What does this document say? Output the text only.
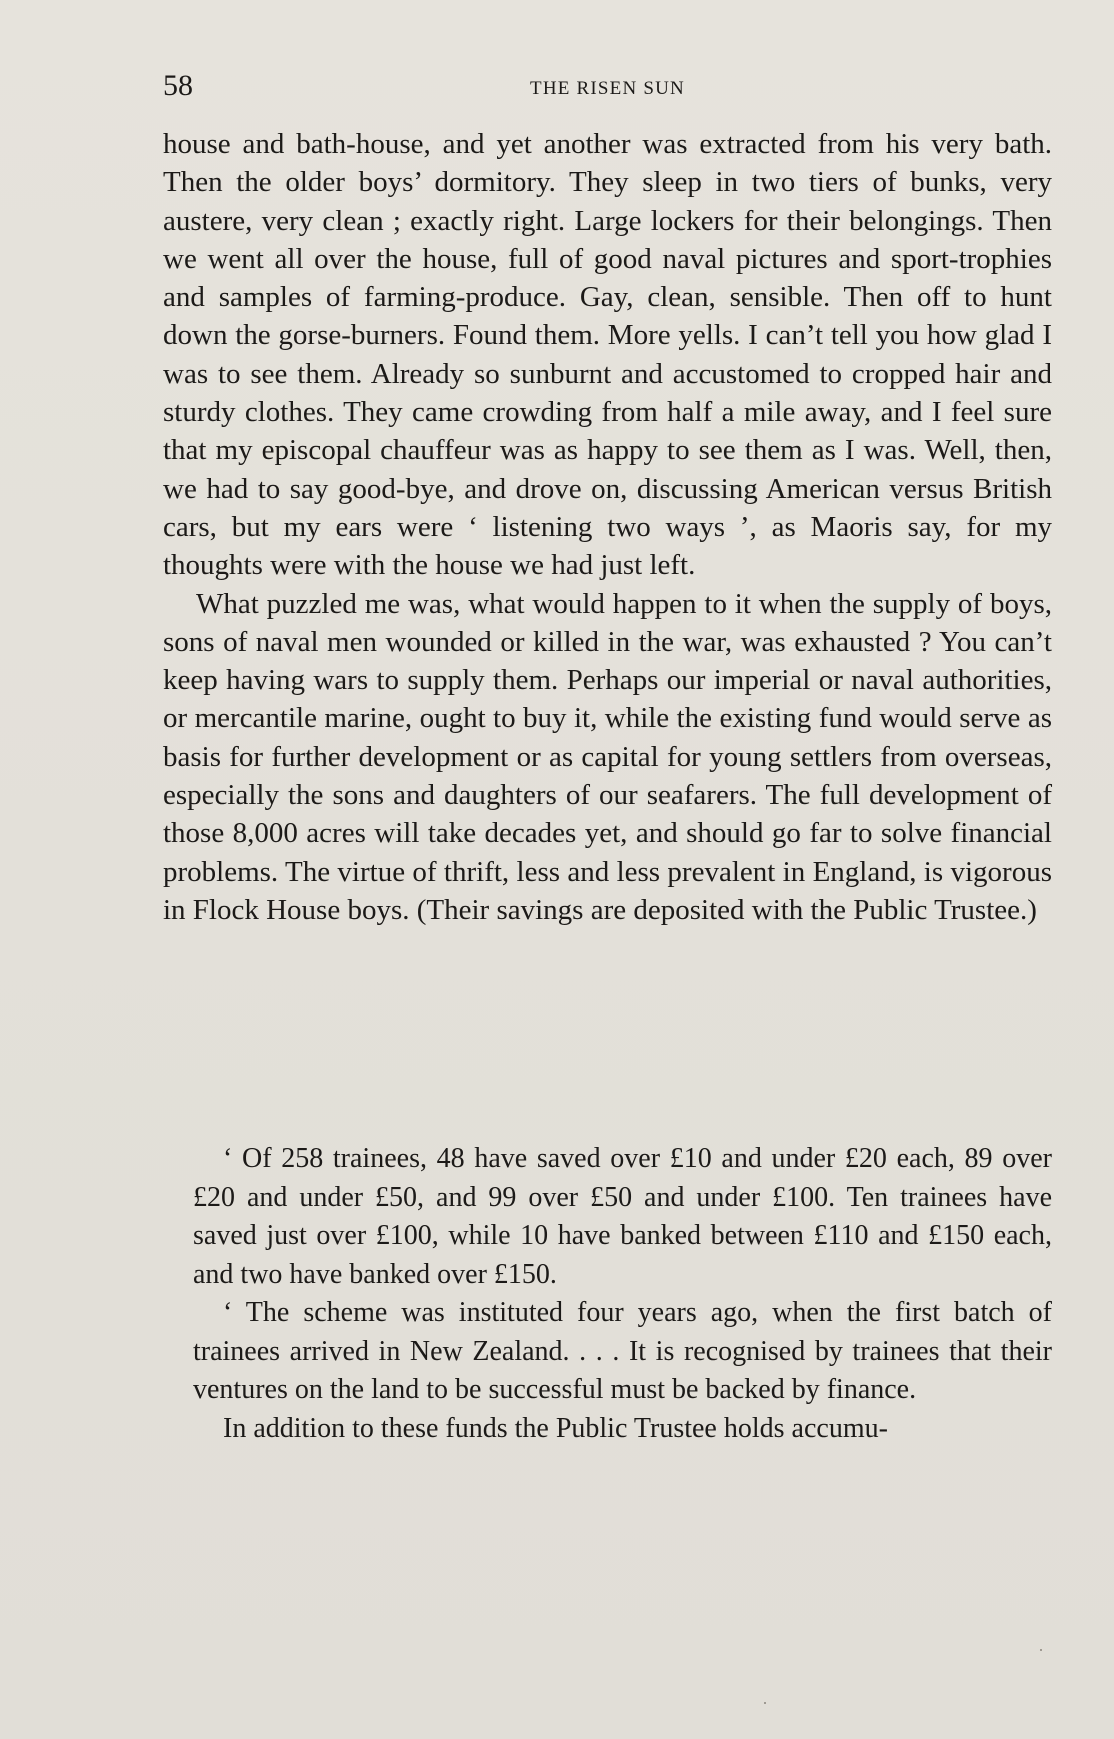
58	THE RISEN SUN

house and bath-house, and yet another was extracted from his very bath. Then the older boys’ dormitory. They sleep in two tiers of bunks, very austere, very clean ; exactly right. Large lockers for their belongings. Then we went all over the house, full of good naval pictures and sport-trophies and samples of farming-produce. Gay, clean, sensible. Then off to hunt down the gorse-burners. Found them. More yells. I can’t tell you how glad I was to see them. Already so sunburnt and accustomed to cropped hair and sturdy clothes. They came crowding from half a mile away, and I feel sure that my episcopal chauffeur was as happy to see them as I was. Well, then, we had to say good-bye, and drove on, discussing American versus British cars, but my ears were ‘ listening two ways ’, as Maoris say, for my thoughts were with the house we had just left.

What puzzled me was, what would happen to it when the supply of boys, sons of naval men wounded or killed in the war, was exhausted ? You can’t keep having wars to supply them. Perhaps our imperial or naval authorities, or mercantile marine, ought to buy it, while the existing fund would serve as basis for further development or as capital for young settlers from overseas, especially the sons and daughters of our seafarers. The full development of those 8,000 acres will take decades yet, and should go far to solve financial problems. The virtue of thrift, less and less prevalent in England, is vigorous in Flock House boys. (Their savings are deposited with the Public Trustee.)

‘ Of 258 trainees, 48 have saved over £10 and under £20 each, 89 over £20 and under £50, and 99 over £50 and under £100. Ten trainees have saved just over £100, while 10 have banked between £110 and £150 each, and two have banked over £150.

‘ The scheme was instituted four years ago, when the first batch of trainees arrived in New Zealand. . . . It is recognised by trainees that their ventures on the land to be successful must be backed by finance.

In addition to these funds the Public Trustee holds accumu-
